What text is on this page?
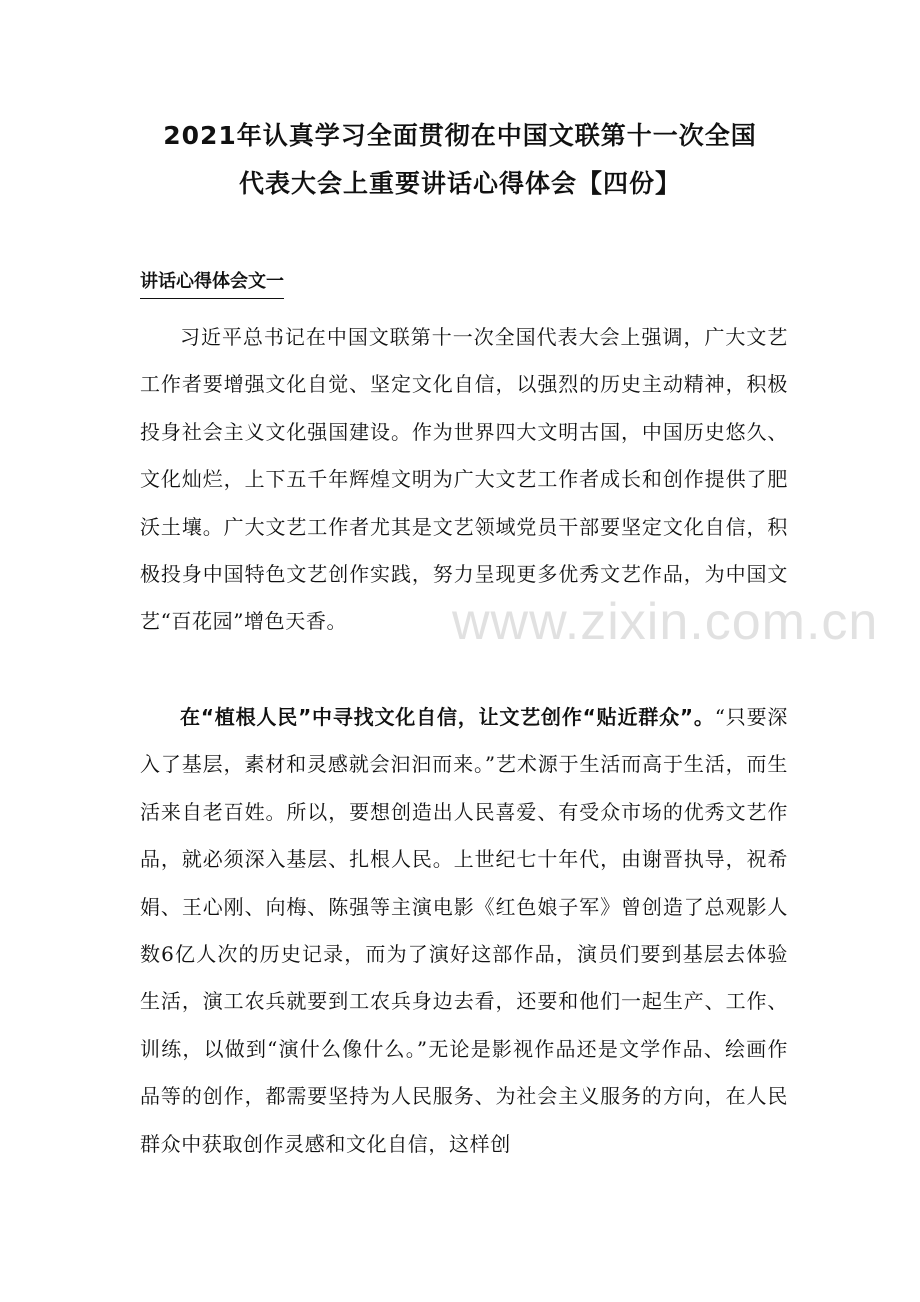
2021年认真学习全面贯彻在中国文联第十一次全国
代表大会上重要讲话心得体会【四份】
讲话心得体会文一
习近平总书记在中国文联第十一次全国代表大会上强调，广大文艺工作者要增强文化自觉、坚定文化自信，以强烈的历史主动精神，积极投身社会主义文化强国建设。作为世界四大文明古国，中国历史悠久、文化灿烂，上下五千年辉煌文明为广大文艺工作者成长和创作提供了肥沃土壤。广大文艺工作者尤其是文艺领域党员干部要坚定文化自信，积极投身中国特色文艺创作实践，努力呈现更多优秀文艺作品，为中国文艺“百花园”增色天香。
在“植根人民”中寻找文化自信，让文艺创作“贴近群众”。“只要深入了基层，素材和灵感就会汩汩而来。”艺术源于生活而高于生活，而生活来自老百姓。所以，要想创造出人民喜爱、有受众市场的优秀文艺作品，就必须深入基层、扎根人民。上世纪七十年代，由谢晋执导，祝希娟、王心刚、向梅、陈强等主演电影《红色娘子军》曾创造了总观影人数6亿人次的历史记录，而为了演好这部作品，演员们要到基层去体验生活，演工农兵就要到工农兵身边去看，还要和他们一起生产、工作、训练，以做到“演什么像什么。”无论是影视作品还是文学作品、绘画作品等的创作，都需要坚持为人民服务、为社会主义服务的方向，在人民群众中获取创作灵感和文化自信，这样创
www.zixin.com.cn
